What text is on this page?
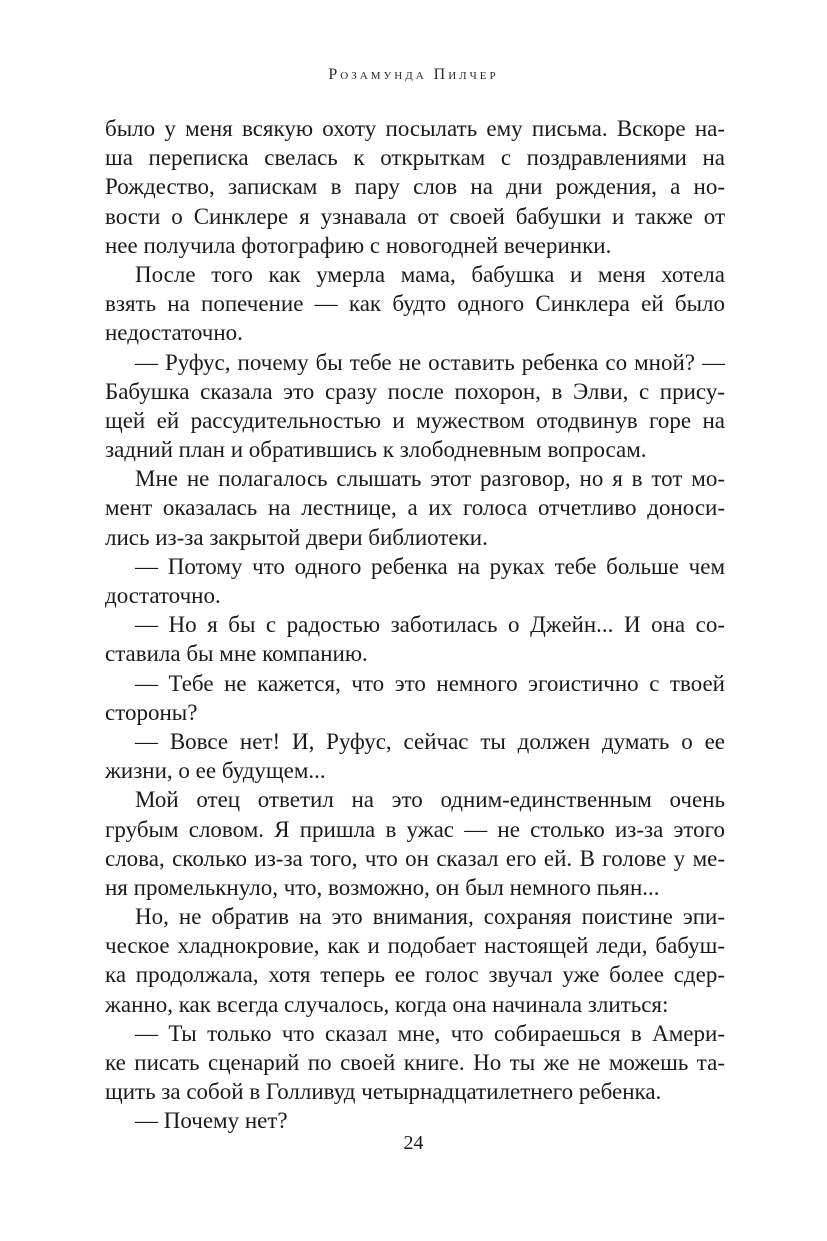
Розамунда Пилчер
было у меня всякую охоту посылать ему письма. Вскоре на-
ша переписка свелась к открыткам с поздравлениями на
Рождество, запискам в пару слов на дни рождения, а но-
вости о Синклере я узнавала от своей бабушки и также от
нее получила фотографию с новогодней вечеринки.
После того как умерла мама, бабушка и меня хотела
взять на попечение — как будто одного Синклера ей было
недостаточно.
— Руфус, почему бы тебе не оставить ребенка со мной? —
Бабушка сказала это сразу после похорон, в Элви, с прису-
щей ей рассудительностью и мужеством отодвинув горе на
задний план и обратившись к злободневным вопросам.
Мне не полагалось слышать этот разговор, но я в тот мо-
мент оказалась на лестнице, а их голоса отчетливо доноси-
лись из-за закрытой двери библиотеки.
— Потому что одного ребенка на руках тебе больше чем
достаточно.
— Но я бы с радостью заботилась о Джейн... И она со-
ставила бы мне компанию.
— Тебе не кажется, что это немного эгоистично с твоей
стороны?
— Вовсе нет! И, Руфус, сейчас ты должен думать о ее
жизни, о ее будущем...
Мой отец ответил на это одним-единственным очень
грубым словом. Я пришла в ужас — не столько из-за этого
слова, сколько из-за того, что он сказал его ей. В голове у ме-
ня промелькнуло, что, возможно, он был немного пьян...
Но, не обратив на это внимания, сохраняя поистине эпи-
ческое хладнокровие, как и подобает настоящей леди, бабуш-
ка продолжала, хотя теперь ее голос звучал уже более сдер-
жанно, как всегда случалось, когда она начинала злиться:
— Ты только что сказал мне, что собираешься в Амери-
ке писать сценарий по своей книге. Но ты же не можешь та-
щить за собой в Голливуд четырнадцатилетнего ребенка.
— Почему нет?
24
